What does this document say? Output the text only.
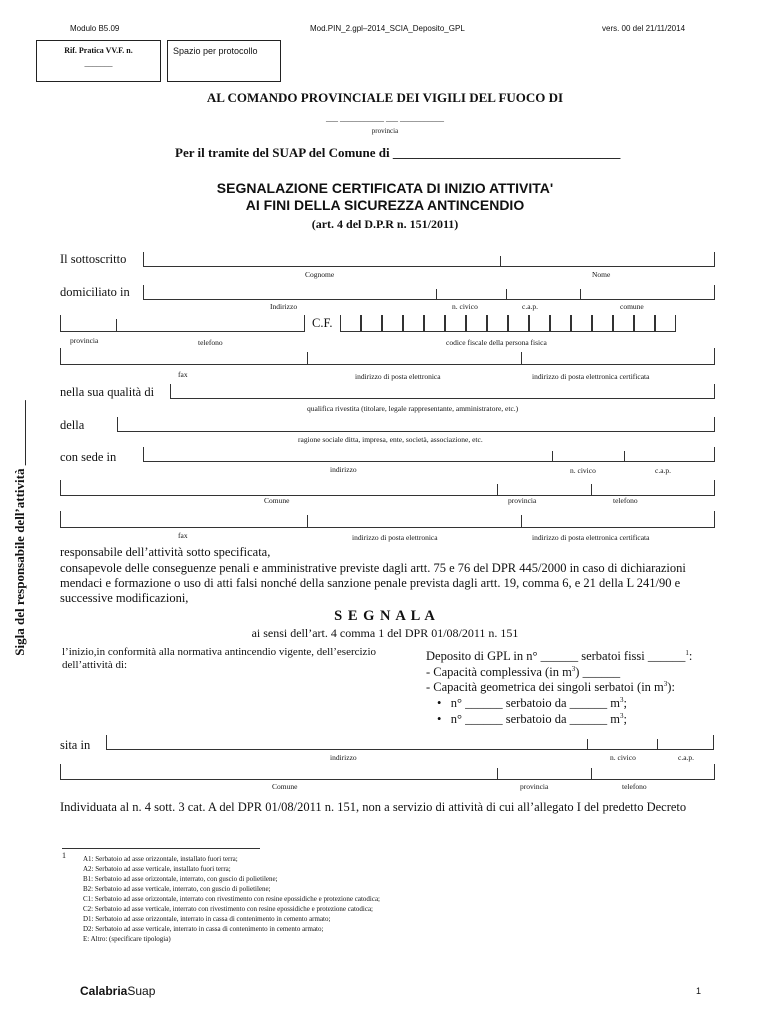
Modulo B5.09	Mod.PIN_2.gpl–2014_SCIA_Deposito_GPL	vers. 00 del 21/11/2014
Rif. Pratica VV.F. n.
_______
Spazio per protocollo
AL COMANDO PROVINCIALE DEI VIGILI DEL FUOCO DI
___ ___________ ___ ___________
provincia
Per il tramite del SUAP del Comune di ___________________________________
SEGNALAZIONE CERTIFICATA DI INIZIO ATTIVITA'
AI FINI DELLA SICUREZZA ANTINCENDIO
(art. 4 del D.P.R n. 151/2011)
Sigla del responsabile dell’attività __________
Il sottoscritto
Cognome	Nome
domiciliato in
Indirizzo	n. civico	c.a.p.	comune
C.F.
provincia	telefono	codice fiscale della persona fisica
fax	indirizzo di posta elettronica	indirizzo di posta elettronica certificata
nella sua qualità di
qualifica rivestita (titolare, legale rappresentante, amministratore, etc.)
della
ragione sociale ditta, impresa, ente, società, associazione, etc.
con sede in
indirizzo	n. civico	c.a.p.
Comune	provincia	telefono
fax	indirizzo di posta elettronica	indirizzo di posta elettronica certificata
responsabile dell’attività sotto specificata,
consapevole delle conseguenze penali e amministrative previste dagli artt. 75 e 76 del DPR 445/2000 in caso di dichiarazioni mendaci e formazione o uso di atti falsi nonché della sanzione penale prevista dagli artt. 19, comma 6, e 21 della L 241/90 e successive modificazioni,
S E G N A L A
ai sensi dell’art. 4 comma 1 del DPR 01/08/2011 n. 151
l’inizio,in conformità alla normativa antincendio vigente, dell’esercizio dell’attività di:
Deposito di GPL in n° ______ serbatoi fissi ______$^1$:
- Capacità complessiva (in $m^3$) ______
- Capacità geometrica dei singoli serbatoi (in $m^3$):
•   n° ______ serbatoio da ______ $m^3$;
•   n° ______ serbatoio da ______ $m^3$;
sita in
indirizzo	n. civico	c.a.p.
Comune	provincia	telefono
Individuata al n. 4 sott. 3 cat. A del DPR 01/08/2011 n. 151, non a servizio di attività di cui all’allegato I del predetto Decreto
1 A1: Serbatoio ad asse orizzontale, installato fuori terra;
A2: Serbatoio ad asse verticale, installato fuori terra;
B1: Serbatoio ad asse orizzontale, interrato, con guscio di polietilene;
B2: Serbatoio ad asse verticale, interrato, con guscio di polietilene;
C1: Serbatoio ad asse orizzontale, interrato con rivestimento con resine epossidiche e protezione catodica;
C2: Serbatoio ad asse verticale, interrato con rivestimento con resine epossidiche e protezione catodica;
D1: Serbatoio ad asse orizzontale, interrato in cassa di contenimento in cemento armato;
D2: Serbatoio ad asse verticale, interrato in cassa di contenimento in cemento armato;
E: Altro: (specificare tipologia)
CalabriaSuap	1
